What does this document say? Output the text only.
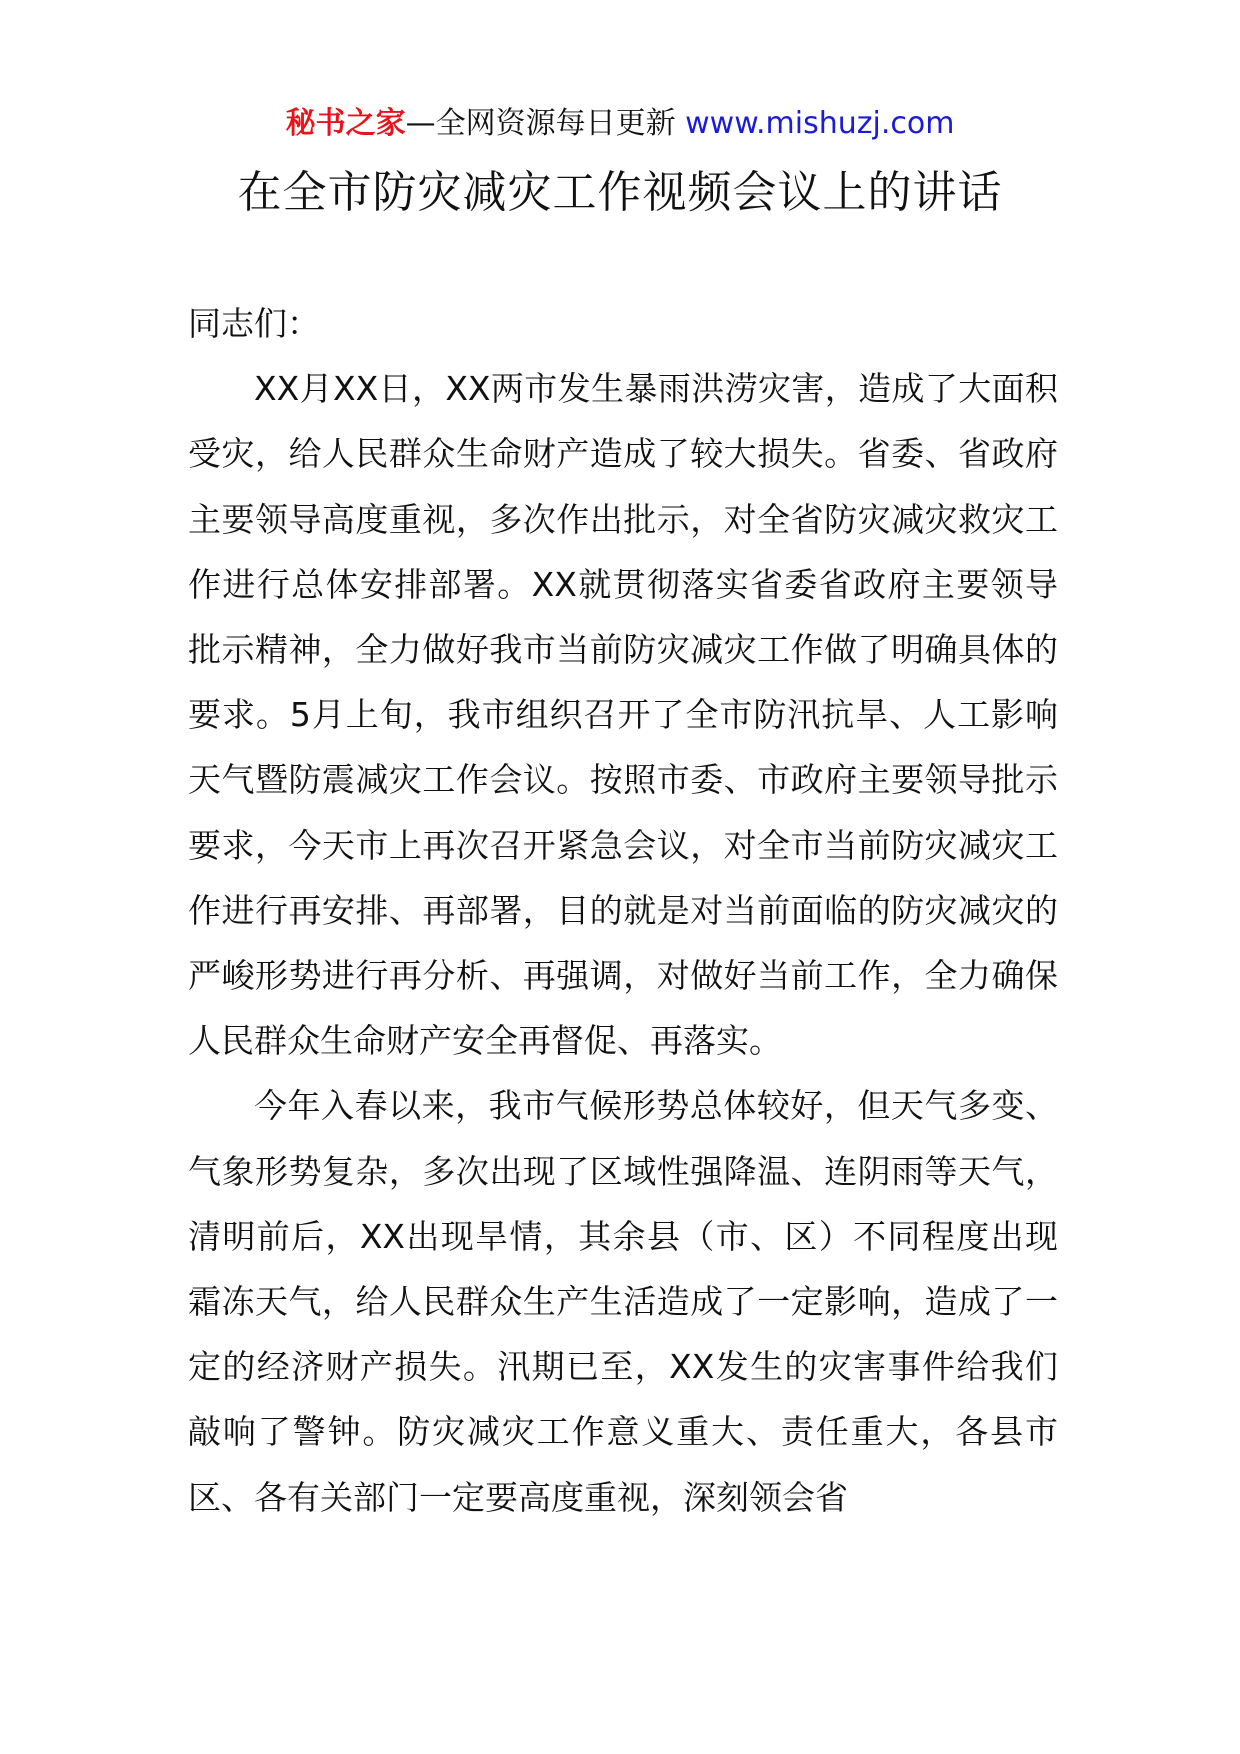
秘书之家—全网资源每日更新 www.mishuzj.com
在全市防灾减灾工作视频会议上的讲话

同志们：

XX月XX日，XX两市发生暴雨洪涝灾害，造成了大面积受灾，给人民群众生命财产造成了较大损失。省委、省政府主要领导高度重视，多次作出批示，对全省防灾减灾救灾工作进行总体安排部署。XX就贯彻落实省委省政府主要领导批示精神，全力做好我市当前防灾减灾工作做了明确具体的要求。5月上旬，我市组织召开了全市防汛抗旱、人工影响天气暨防震减灾工作会议。按照市委、市政府主要领导批示要求，今天市上再次召开紧急会议，对全市当前防灾减灾工作进行再安排、再部署，目的就是对当前面临的防灾减灾的严峻形势进行再分析、再强调，对做好当前工作，全力确保人民群众生命财产安全再督促、再落实。

今年入春以来，我市气候形势总体较好，但天气多变、气象形势复杂，多次出现了区域性强降温、连阴雨等天气，清明前后，XX出现旱情，其余县（市、区）不同程度出现霜冻天气，给人民群众生产生活造成了一定影响，造成了一定的经济财产损失。汛期已至，XX发生的灾害事件给我们敲响了警钟。防灾减灾工作意义重大、责任重大，各县市区、各有关部门一定要高度重视，深刻领会省
